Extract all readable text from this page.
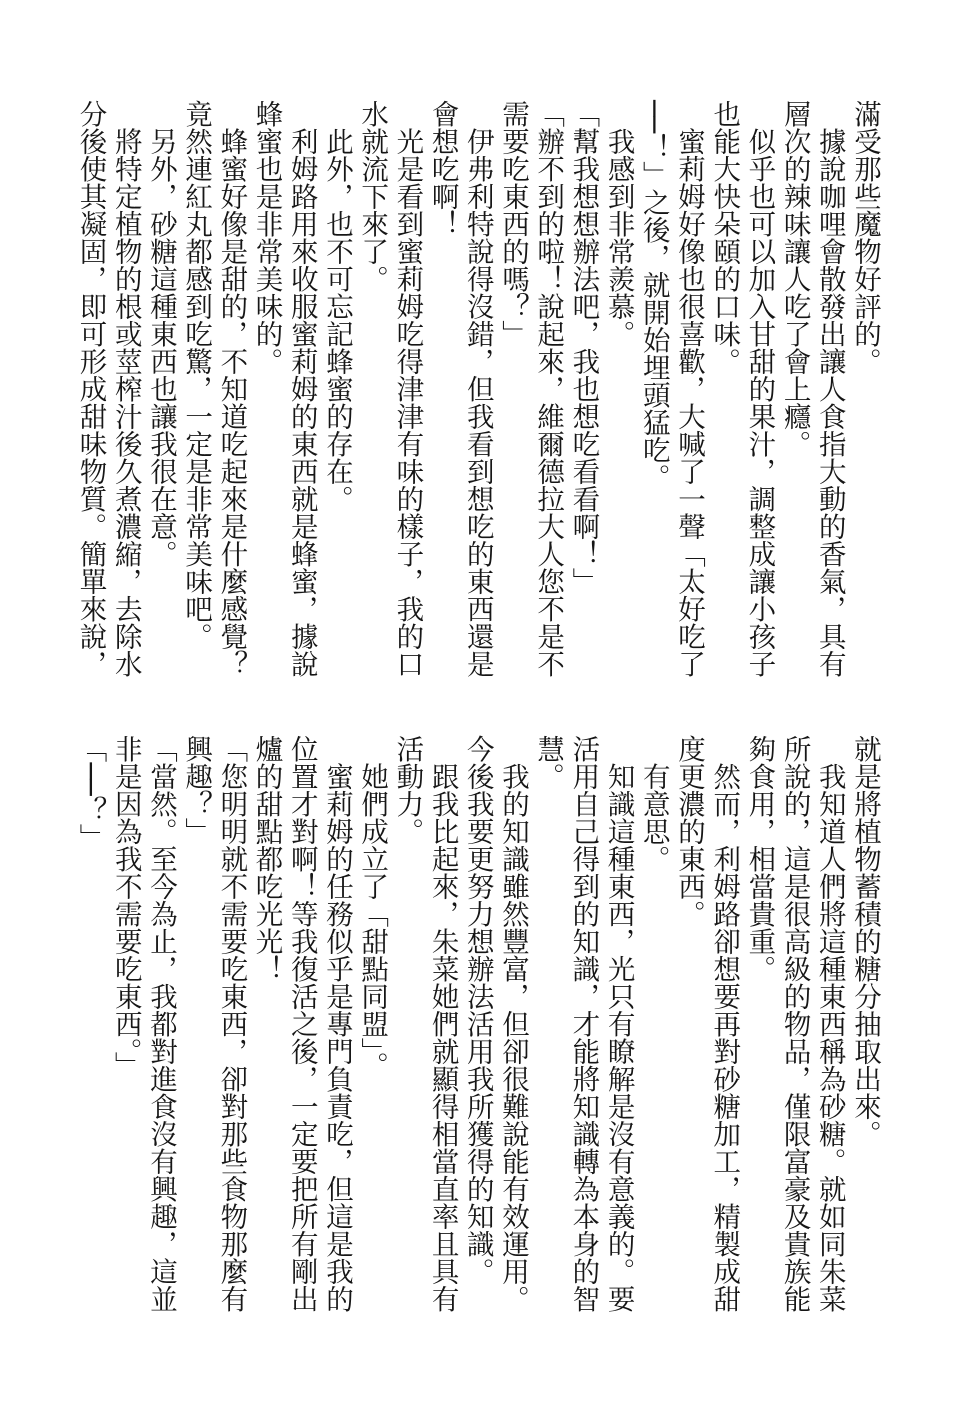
滿受那些魔物好評的。
　據說咖哩會散發出讓人食指大動的香氣，具有
層次的辣味讓人吃了會上癮。
　似乎也可以加入甘甜的果汁，調整成讓小孩子
也能大快朵頤的口味。
　蜜莉姆好像也很喜歡，大喊了一聲「太好吃了
──！」之後，就開始埋頭猛吃。
　我感到非常羨慕。
「幫我想想辦法吧，我也想吃看看啊！」
「辦不到的啦！說起來，維爾德拉大人您不是不
需要吃東西的嗎？」
　伊弗利特說得沒錯，但我看到想吃的東西還是
會想吃啊！
　光是看到蜜莉姆吃得津津有味的樣子，我的口
水就流下來了。
　此外，也不可忘記蜂蜜的存在。
　利姆路用來收服蜜莉姆的東西就是蜂蜜，據說
蜂蜜也是非常美味的。
　蜂蜜好像是甜的，不知道吃起來是什麼感覺？
竟然連紅丸都感到吃驚，一定是非常美味吧。
　另外，砂糖這種東西也讓我很在意。
　將特定植物的根或莖榨汁後久煮濃縮，去除水
分後使其凝固，即可形成甜味物質。簡單來說，
就是將植物蓄積的糖分抽取出來。
　我知道人們將這種東西稱為砂糖。就如同朱菜
所說的，這是很高級的物品，僅限富豪及貴族能
夠食用，相當貴重。
　然而，利姆路卻想要再對砂糖加工，精製成甜
度更濃的東西。
　有意思。
　知識這種東西，光只有瞭解是沒有意義的。要
活用自己得到的知識，才能將知識轉為本身的智
慧。
　我的知識雖然豐富，但卻很難說能有效運用。
今後我要更努力想辦法活用我所獲得的知識。
　跟我比起來，朱菜她們就顯得相當直率且具有
活動力。
　她們成立了「甜點同盟」。
　蜜莉姆的任務似乎是專門負責吃，但這是我的
位置才對啊！等我復活之後，一定要把所有剛出
爐的甜點都吃光光！
「您明明就不需要吃東西，卻對那些食物那麼有
興趣？」
「當然。至今為止，我都對進食沒有興趣，這並
非是因為我不需要吃東西。」
「──？」
